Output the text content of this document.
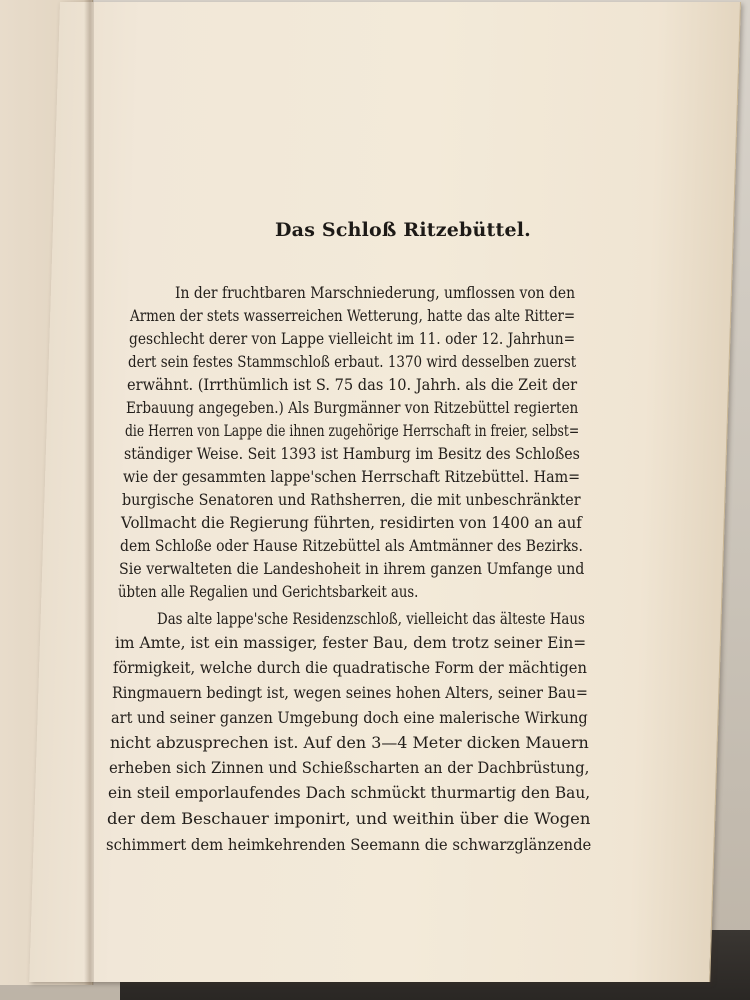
Das Schloß Ritzebüttel.
In der fruchtbaren Marschniederung, umflossen von den
Armen der stets wasserreichen Wetterung, hatte das alte Ritter=
geschlecht derer von Lappe vielleicht im 11. oder 12. Jahrhun=
dert sein festes Stammschloß erbaut. 1370 wird desselben zuerst
erwähnt. (Irrthümlich ist S. 75 das 10. Jahrh. als die Zeit der
Erbauung angegeben.) Als Burgmänner von Ritzebüttel regierten
die Herren von Lappe die ihnen zugehörige Herrschaft in freier, selbst=
ständiger Weise. Seit 1393 ist Hamburg im Besitz des Schloßes
wie der gesammten lappe'schen Herrschaft Ritzebüttel. Ham=
burgische Senatoren und Rathsherren, die mit unbeschränkter
Vollmacht die Regierung führten, residirten von 1400 an auf
dem Schloße oder Hause Ritzebüttel als Amtmänner des Bezirks.
Sie verwalteten die Landeshoheit in ihrem ganzen Umfange und
übten alle Regalien und Gerichtsbarkeit aus.
Das alte lappe'sche Residenzschloß, vielleicht das älteste Haus
im Amte, ist ein massiger, fester Bau, dem trotz seiner Ein=
förmigkeit, welche durch die quadratische Form der mächtigen
Ringmauern bedingt ist, wegen seines hohen Alters, seiner Bau=
art und seiner ganzen Umgebung doch eine malerische Wirkung
nicht abzusprechen ist. Auf den 3—4 Meter dicken Mauern
erheben sich Zinnen und Schießscharten an der Dachbrüstung,
ein steil emporlaufendes Dach schmückt thurmartig den Bau,
der dem Beschauer imponirt, und weithin über die Wogen
schimmert dem heimkehrenden Seemann die schwarzglänzende
